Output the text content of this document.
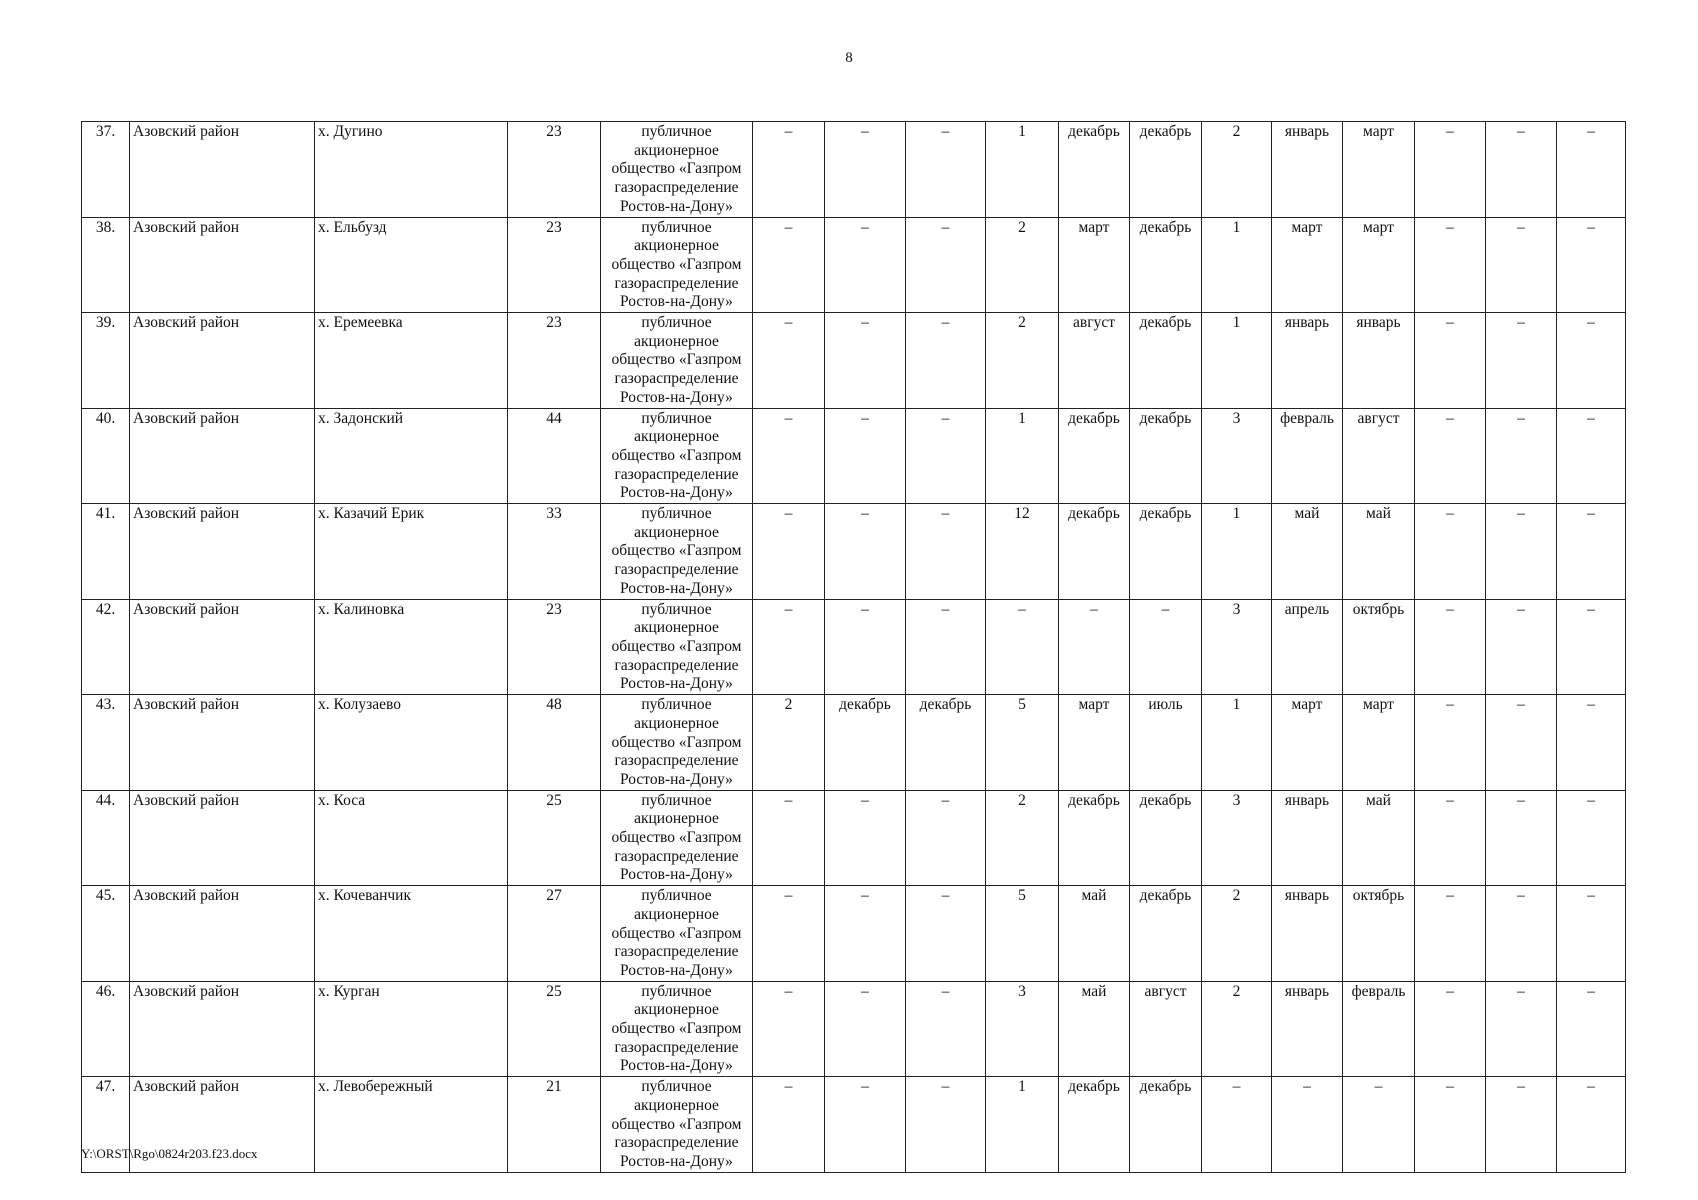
8
37.	Азовский район	х. Дугино	23	публичное акционерное общество «Газпром газораспределение Ростов-на-Дону»	–	–	–	1	декабрь	декабрь	2	январь	март	–	–	–
38.	Азовский район	х. Ельбузд	23	публичное акционерное общество «Газпром газораспределение Ростов-на-Дону»	–	–	–	2	март	декабрь	1	март	март	–	–	–
39.	Азовский район	х. Еремеевка	23	публичное акционерное общество «Газпром газораспределение Ростов-на-Дону»	–	–	–	2	август	декабрь	1	январь	январь	–	–	–
40.	Азовский район	х. Задонский	44	публичное акционерное общество «Газпром газораспределение Ростов-на-Дону»	–	–	–	1	декабрь	декабрь	3	февраль	август	–	–	–
41.	Азовский район	х. Казачий Ерик	33	публичное акционерное общество «Газпром газораспределение Ростов-на-Дону»	–	–	–	12	декабрь	декабрь	1	май	май	–	–	–
42.	Азовский район	х. Калиновка	23	публичное акционерное общество «Газпром газораспределение Ростов-на-Дону»	–	–	–	–	–	–	3	апрель	октябрь	–	–	–
43.	Азовский район	х. Колузаево	48	публичное акционерное общество «Газпром газораспределение Ростов-на-Дону»	2	декабрь	декабрь	5	март	июль	1	март	март	–	–	–
44.	Азовский район	х. Коса	25	публичное акционерное общество «Газпром газораспределение Ростов-на-Дону»	–	–	–	2	декабрь	декабрь	3	январь	май	–	–	–
45.	Азовский район	х. Кочеванчик	27	публичное акционерное общество «Газпром газораспределение Ростов-на-Дону»	–	–	–	5	май	декабрь	2	январь	октябрь	–	–	–
46.	Азовский район	х. Курган	25	публичное акционерное общество «Газпром газораспределение Ростов-на-Дону»	–	–	–	3	май	август	2	январь	февраль	–	–	–
47.	Азовский район	х. Левобережный	21	публичное акционерное общество «Газпром газораспределение Ростов-на-Дону»	–	–	–	1	декабрь	декабрь	–	–	–	–	–	–
Y:\ORST\Rgo\0824r203.f23.docx
